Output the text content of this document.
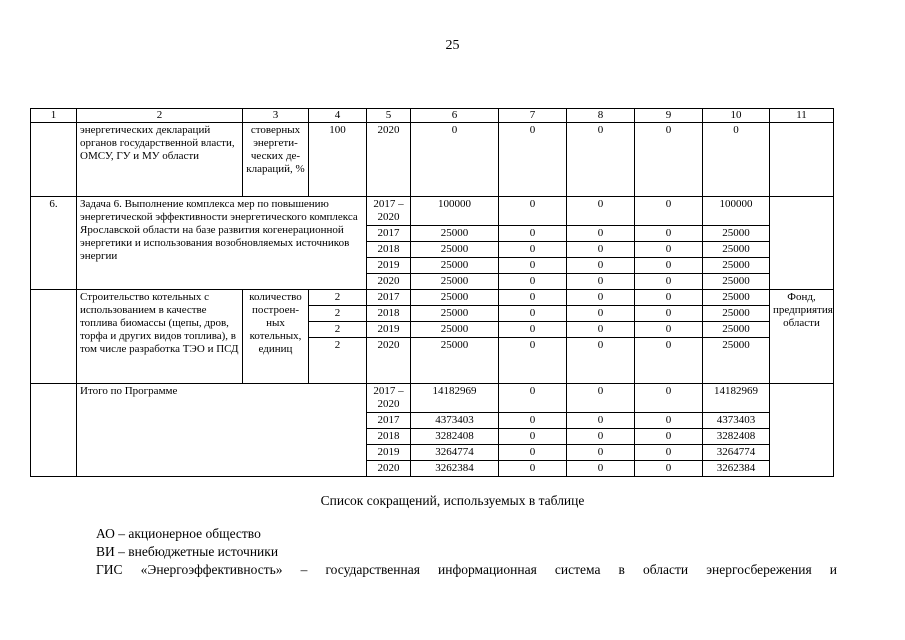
25
1	2	3	4	5	6	7	8	9	10	11
	энергетических деклараций органов государственной власти, ОМСУ, ГУ и МУ области	стоверных энергети-ческих де-клараций, %	100	2020	0	0	0	0	0	
6.	Задача 6. Выполнение комплекса мер по повышению энергетической эффективности энергетического комплекса Ярославской области на базе развития когенерационной энергетики и использования возобновляемых источников энергии			2017 – 2020	100000	0	0	0	100000	
				2017	25000	0	0	0	25000	
				2018	25000	0	0	0	25000	
				2019	25000	0	0	0	25000	
				2020	25000	0	0	0	25000	
	Строительство котельных с использованием в качестве топлива биомассы (щепы, дров, торфа и других видов топлива), в том числе разработка ТЭО и ПСД	количество построен-ных котельных, единиц	2	2017	25000	0	0	0	25000	Фонд, предприятия области
			2	2018	25000	0	0	0	25000	
			2	2019	25000	0	0	0	25000	
			2	2020	25000	0	0	0	25000	
	Итого по Программе			2017 – 2020	14182969	0	0	0	14182969	
				2017	4373403	0	0	0	4373403	
				2018	3282408	0	0	0	3282408	
				2019	3264774	0	0	0	3264774	
				2020	3262384	0	0	0	3262384	
Список сокращений, используемых в таблице
АО – акционерное общество
ВИ – внебюджетные источники
ГИС «Энергоэффективность» – государственная информационная система в области энергосбережения и
